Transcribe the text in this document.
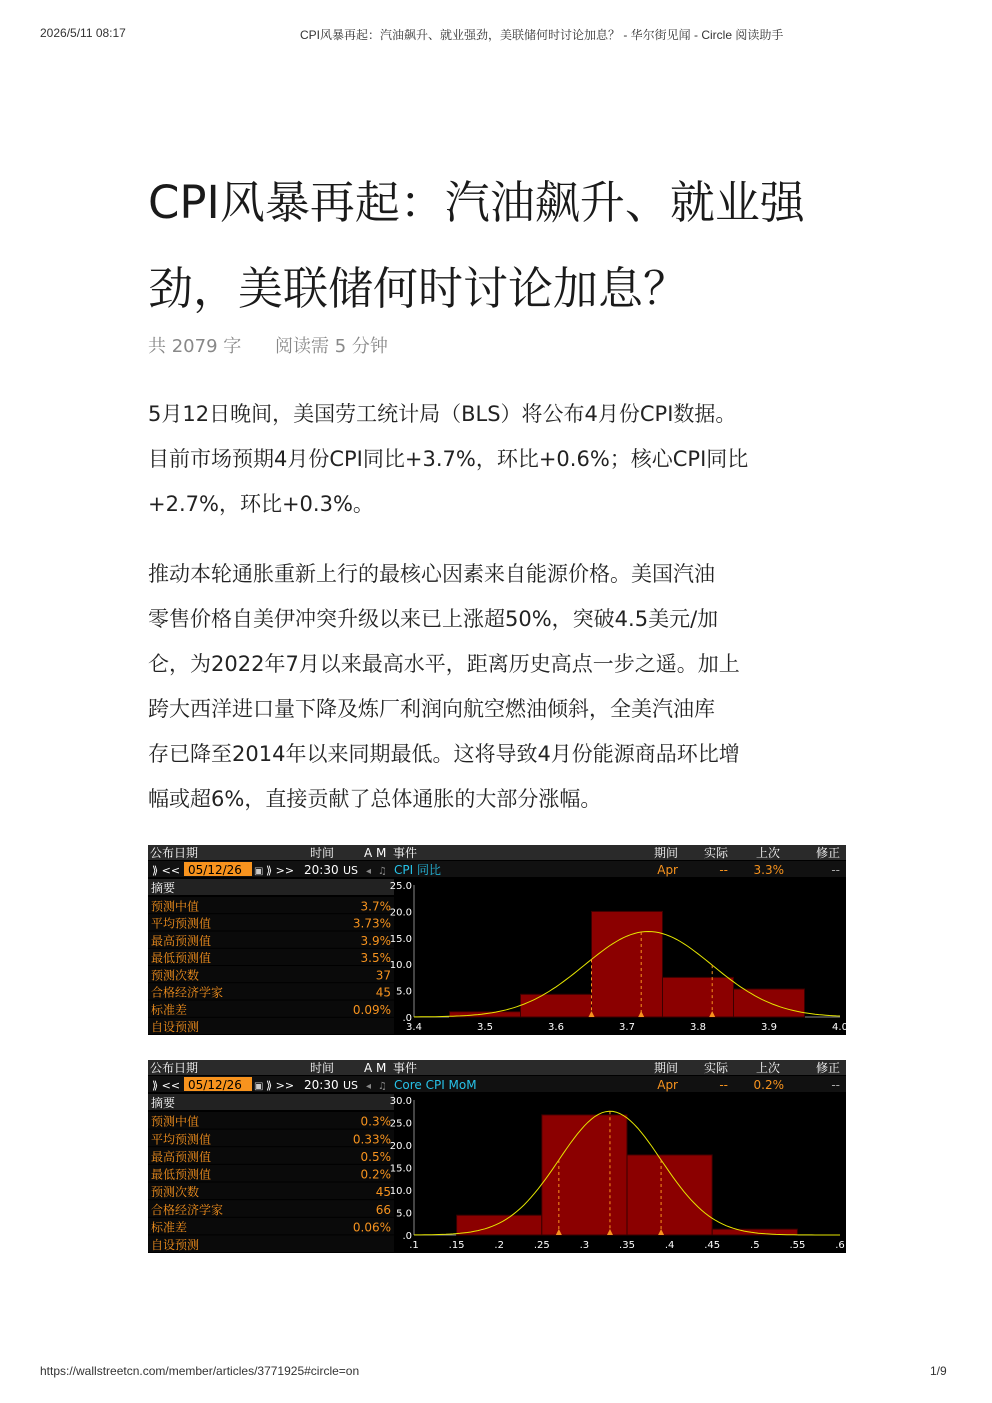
2026/5/11 08:17	CPI风暴再起：汽油飙升、就业强劲，美联储何时讨论加息？ - 华尔街见闻 - Circle 阅读助手
CPI风暴再起：汽油飙升、就业强劲，美联储何时讨论加息？
共 2079 字 阅读需 5 分钟
5月12日晚间，美国劳工统计局（BLS）将公布4月份CPI数据。
目前市场预期4月份CPI同比+3.7%，环比+0.6%；核心CPI同比
+2.7%，环比+0.3%。
推动本轮通胀重新上行的最核心因素来自能源价格。美国汽油
零售价格自美伊冲突升级以来已上涨超50%，突破4.5美元/加
仑，为2022年7月以来最高水平，距离历史高点一步之遥。加上
跨大西洋进口量下降及炼厂利润向航空燃油倾斜，全美汽油库
存已降至2014年以来同期最低。这将导致4月份能源商品环比增
幅或超6%，直接贡献了总体通胀的大部分涨幅。
公布日期	时间 A M 事件	期间 实际 上次	修正
⟫ << 05/12/26 ▣ ⟫ >> 20:30 US ◂ ♫ CPI 同比	Apr	-- 3.3%	--
摘要
预测中值	3.7%
平均预测值	3.73%
最高预测值	3.9%
最低预测值	3.5%
预测次数	37
合格经济学家	45
标准差	0.09%
自设预测
25.0
20.0
15.0
10.0
5.0
.0
3.4	3.5	3.6	3.7	3.8	3.9	4.0
公布日期	时间 A M 事件	期间 实际 上次	修正
⟫ << 05/12/26 ▣ ⟫ >> 20:30 US ◂ ♫ Core CPI MoM	Apr	-- 0.2%	--
摘要
预测中值	0.3%
平均预测值	0.33%
最高预测值	0.5%
最低预测值	0.2%
预测次数	45
合格经济学家	66
标准差	0.06%
自设预测
30.0
25.0
20.0
15.0
10.0
5.0
.0
.1	.15	.2	.25	.3	.35	.4	.45	.5	.55	.6
https://wallstreetcn.com/member/articles/3771925#circle=on	1/9
